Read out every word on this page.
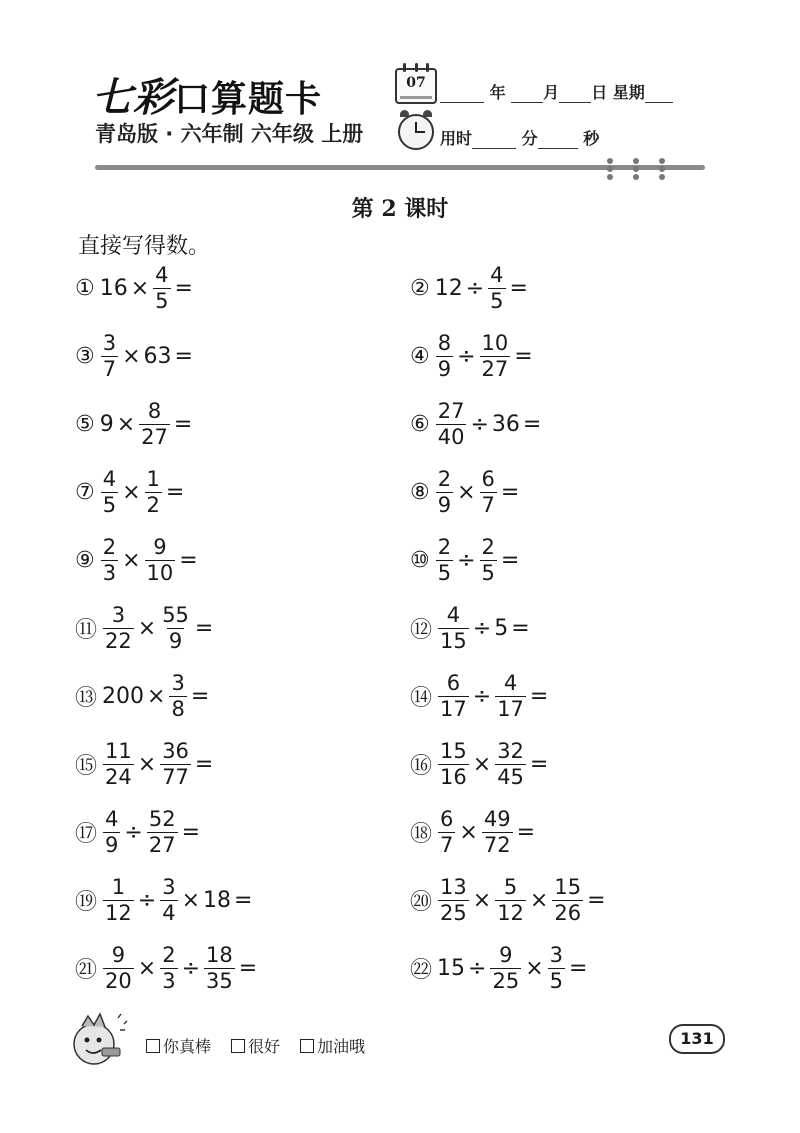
七彩口算题卡
青岛版 · 六年制 六年级 上册
07	年 月 日 星期
用时	分	秒
第 2 课时
直接写得数。
① $16 \times \frac{4}{5}$ =	② $12 \div \frac{4}{5}$ =
③ $\frac{3}{7} \times 63$ =	④ $\frac{8}{9} \div \frac{10}{27}$ =
⑤ $9 \times \frac{8}{27}$ =	⑥ $\frac{27}{40} \div 36$ =
⑦ $\frac{4}{5} \times \frac{1}{2}$ =	⑧ $\frac{2}{9} \times \frac{6}{7}$ =
⑨ $\frac{2}{3} \times \frac{9}{10}$ =	⑩ $\frac{2}{5} \div \frac{2}{5}$ =
⑪ $\frac{3}{22} \times \frac{55}{9}$ =	⑫ $\frac{4}{15} \div 5$ =
⑬ $200 \times \frac{3}{8}$ =	⑭ $\frac{6}{17} \div \frac{4}{17}$ =
⑮ $\frac{11}{24} \times \frac{36}{77}$ =	⑯ $\frac{15}{16} \times \frac{32}{45}$ =
⑰ $\frac{4}{9} \div \frac{52}{27}$ =	⑱ $\frac{6}{7} \times \frac{49}{72}$ =
⑲ $\frac{1}{12} \div \frac{3}{4} \times 18$ =	⑳ $\frac{13}{25} \times \frac{5}{12} \times \frac{15}{26}$ =
㉑ $\frac{9}{20} \times \frac{2}{3} \div \frac{18}{35}$ =	㉒ $15 \div \frac{9}{25} \times \frac{3}{5}$ =
你真棒 很好 加油哦	131
